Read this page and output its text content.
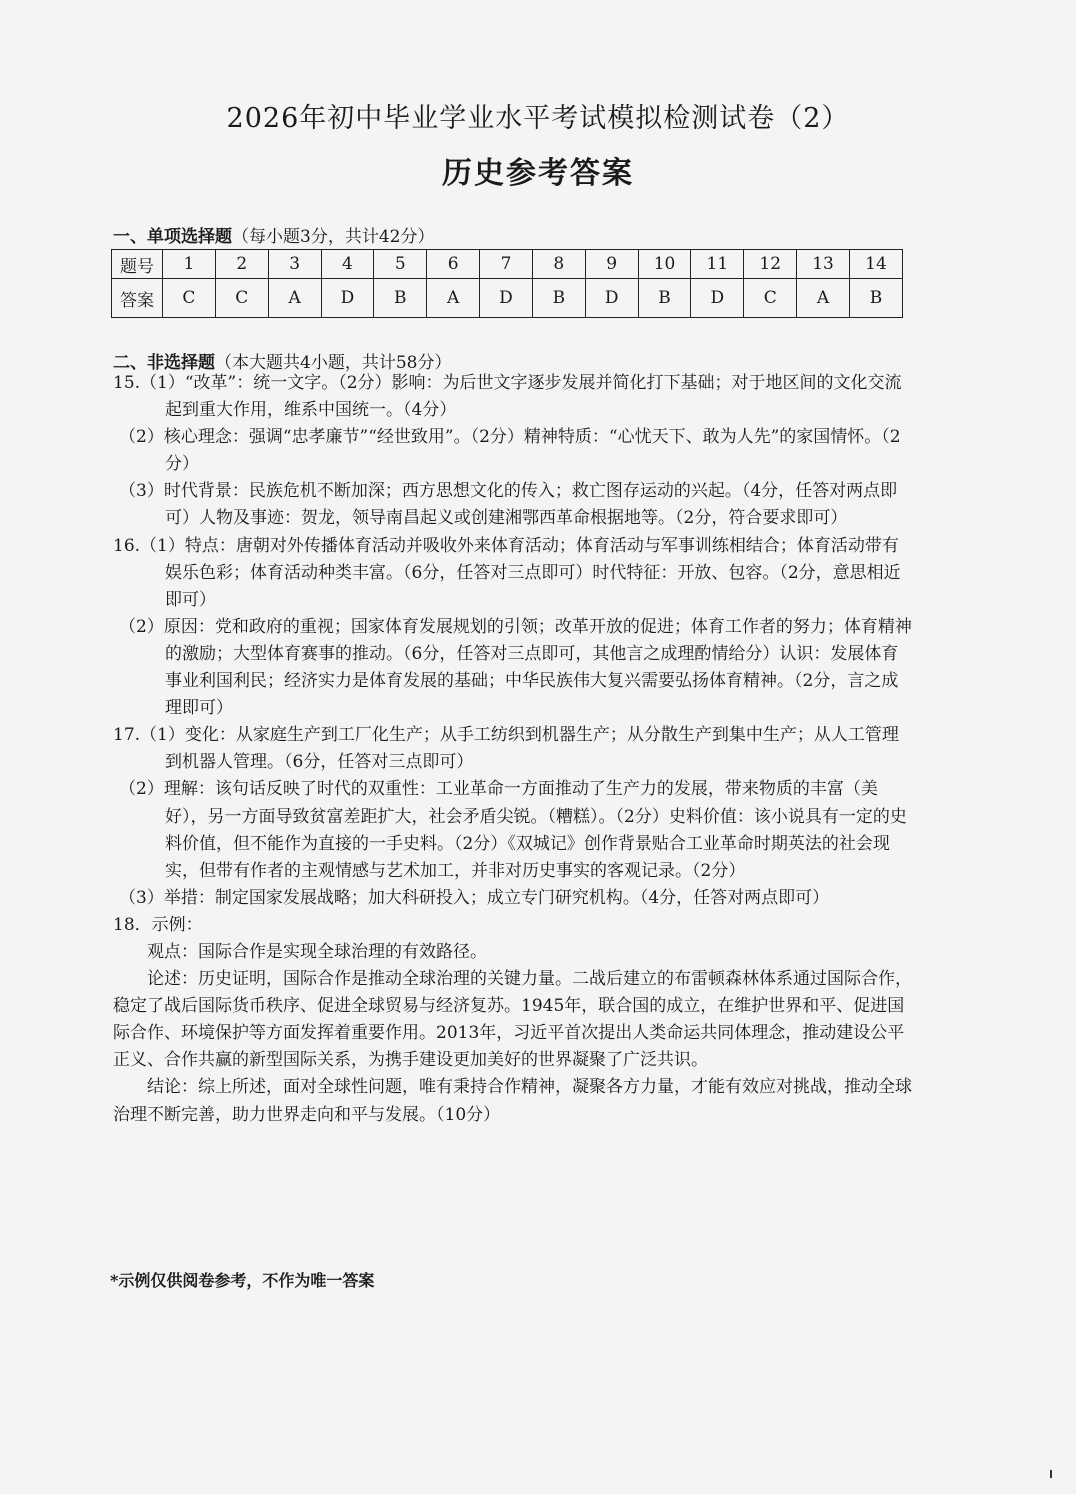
2026年初中毕业学业水平考试模拟检测试卷（2）
历史参考答案
一、单项选择题（每小题3分，共计42分）
题号	1	2	3	4	5	6	7	8	9	10	11	12	13	14
答案	C	C	A	D	B	A	D	B	D	B	D	C	A	B
二、非选择题（本大题共4小题，共计58分）
15.（1）“改革”：统一文字。（2分）影响：为后世文字逐步发展并简化打下基础；对于地区间的文化交流起到重大作用，维系中国统一。（4分）
（2）核心理念：强调“忠孝廉节”“经世致用”。（2分）精神特质：“心忧天下、敢为人先”的家国情怀。（2分）
（3）时代背景：民族危机不断加深；西方思想文化的传入；救亡图存运动的兴起。（4分，任答对两点即可）人物及事迹：贺龙，领导南昌起义或创建湘鄂西革命根据地等。（2分，符合要求即可）
16.（1）特点：唐朝对外传播体育活动并吸收外来体育活动；体育活动与军事训练相结合；体育活动带有娱乐色彩；体育活动种类丰富。（6分，任答对三点即可）时代特征：开放、包容。（2分，意思相近即可）
（2）原因：党和政府的重视；国家体育发展规划的引领；改革开放的促进；体育工作者的努力；体育精神的激励；大型体育赛事的推动。（6分，任答对三点即可，其他言之成理酌情给分）认识：发展体育事业利国利民；经济实力是体育发展的基础；中华民族伟大复兴需要弘扬体育精神。（2分，言之成理即可）
17.（1）变化：从家庭生产到工厂化生产；从手工纺织到机器生产；从分散生产到集中生产；从人工管理到机器人管理。（6分，任答对三点即可）
（2）理解：该句话反映了时代的双重性：工业革命一方面推动了生产力的发展，带来物质的丰富（美好），另一方面导致贫富差距扩大，社会矛盾尖锐。（糟糕）。（2分）史料价值：该小说具有一定的史料价值，但不能作为直接的一手史料。（2分）《双城记》创作背景贴合工业革命时期英法的社会现实，但带有作者的主观情感与艺术加工，并非对历史事实的客观记录。（2分）
（3）举措：制定国家发展战略；加大科研投入；成立专门研究机构。（4分，任答对两点即可）
18．示例：
观点：国际合作是实现全球治理的有效路径。
论述：历史证明，国际合作是推动全球治理的关键力量。二战后建立的布雷顿森林体系通过国际合作，稳定了战后国际货币秩序、促进全球贸易与经济复苏。1945年，联合国的成立，在维护世界和平、促进国际合作、环境保护等方面发挥着重要作用。2013年，习近平首次提出人类命运共同体理念，推动建设公平正义、合作共赢的新型国际关系，为携手建设更加美好的世界凝聚了广泛共识。
结论：综上所述，面对全球性问题，唯有秉持合作精神，凝聚各方力量，才能有效应对挑战，推动全球治理不断完善，助力世界走向和平与发展。（10分）
*示例仅供阅卷参考，不作为唯一答案
